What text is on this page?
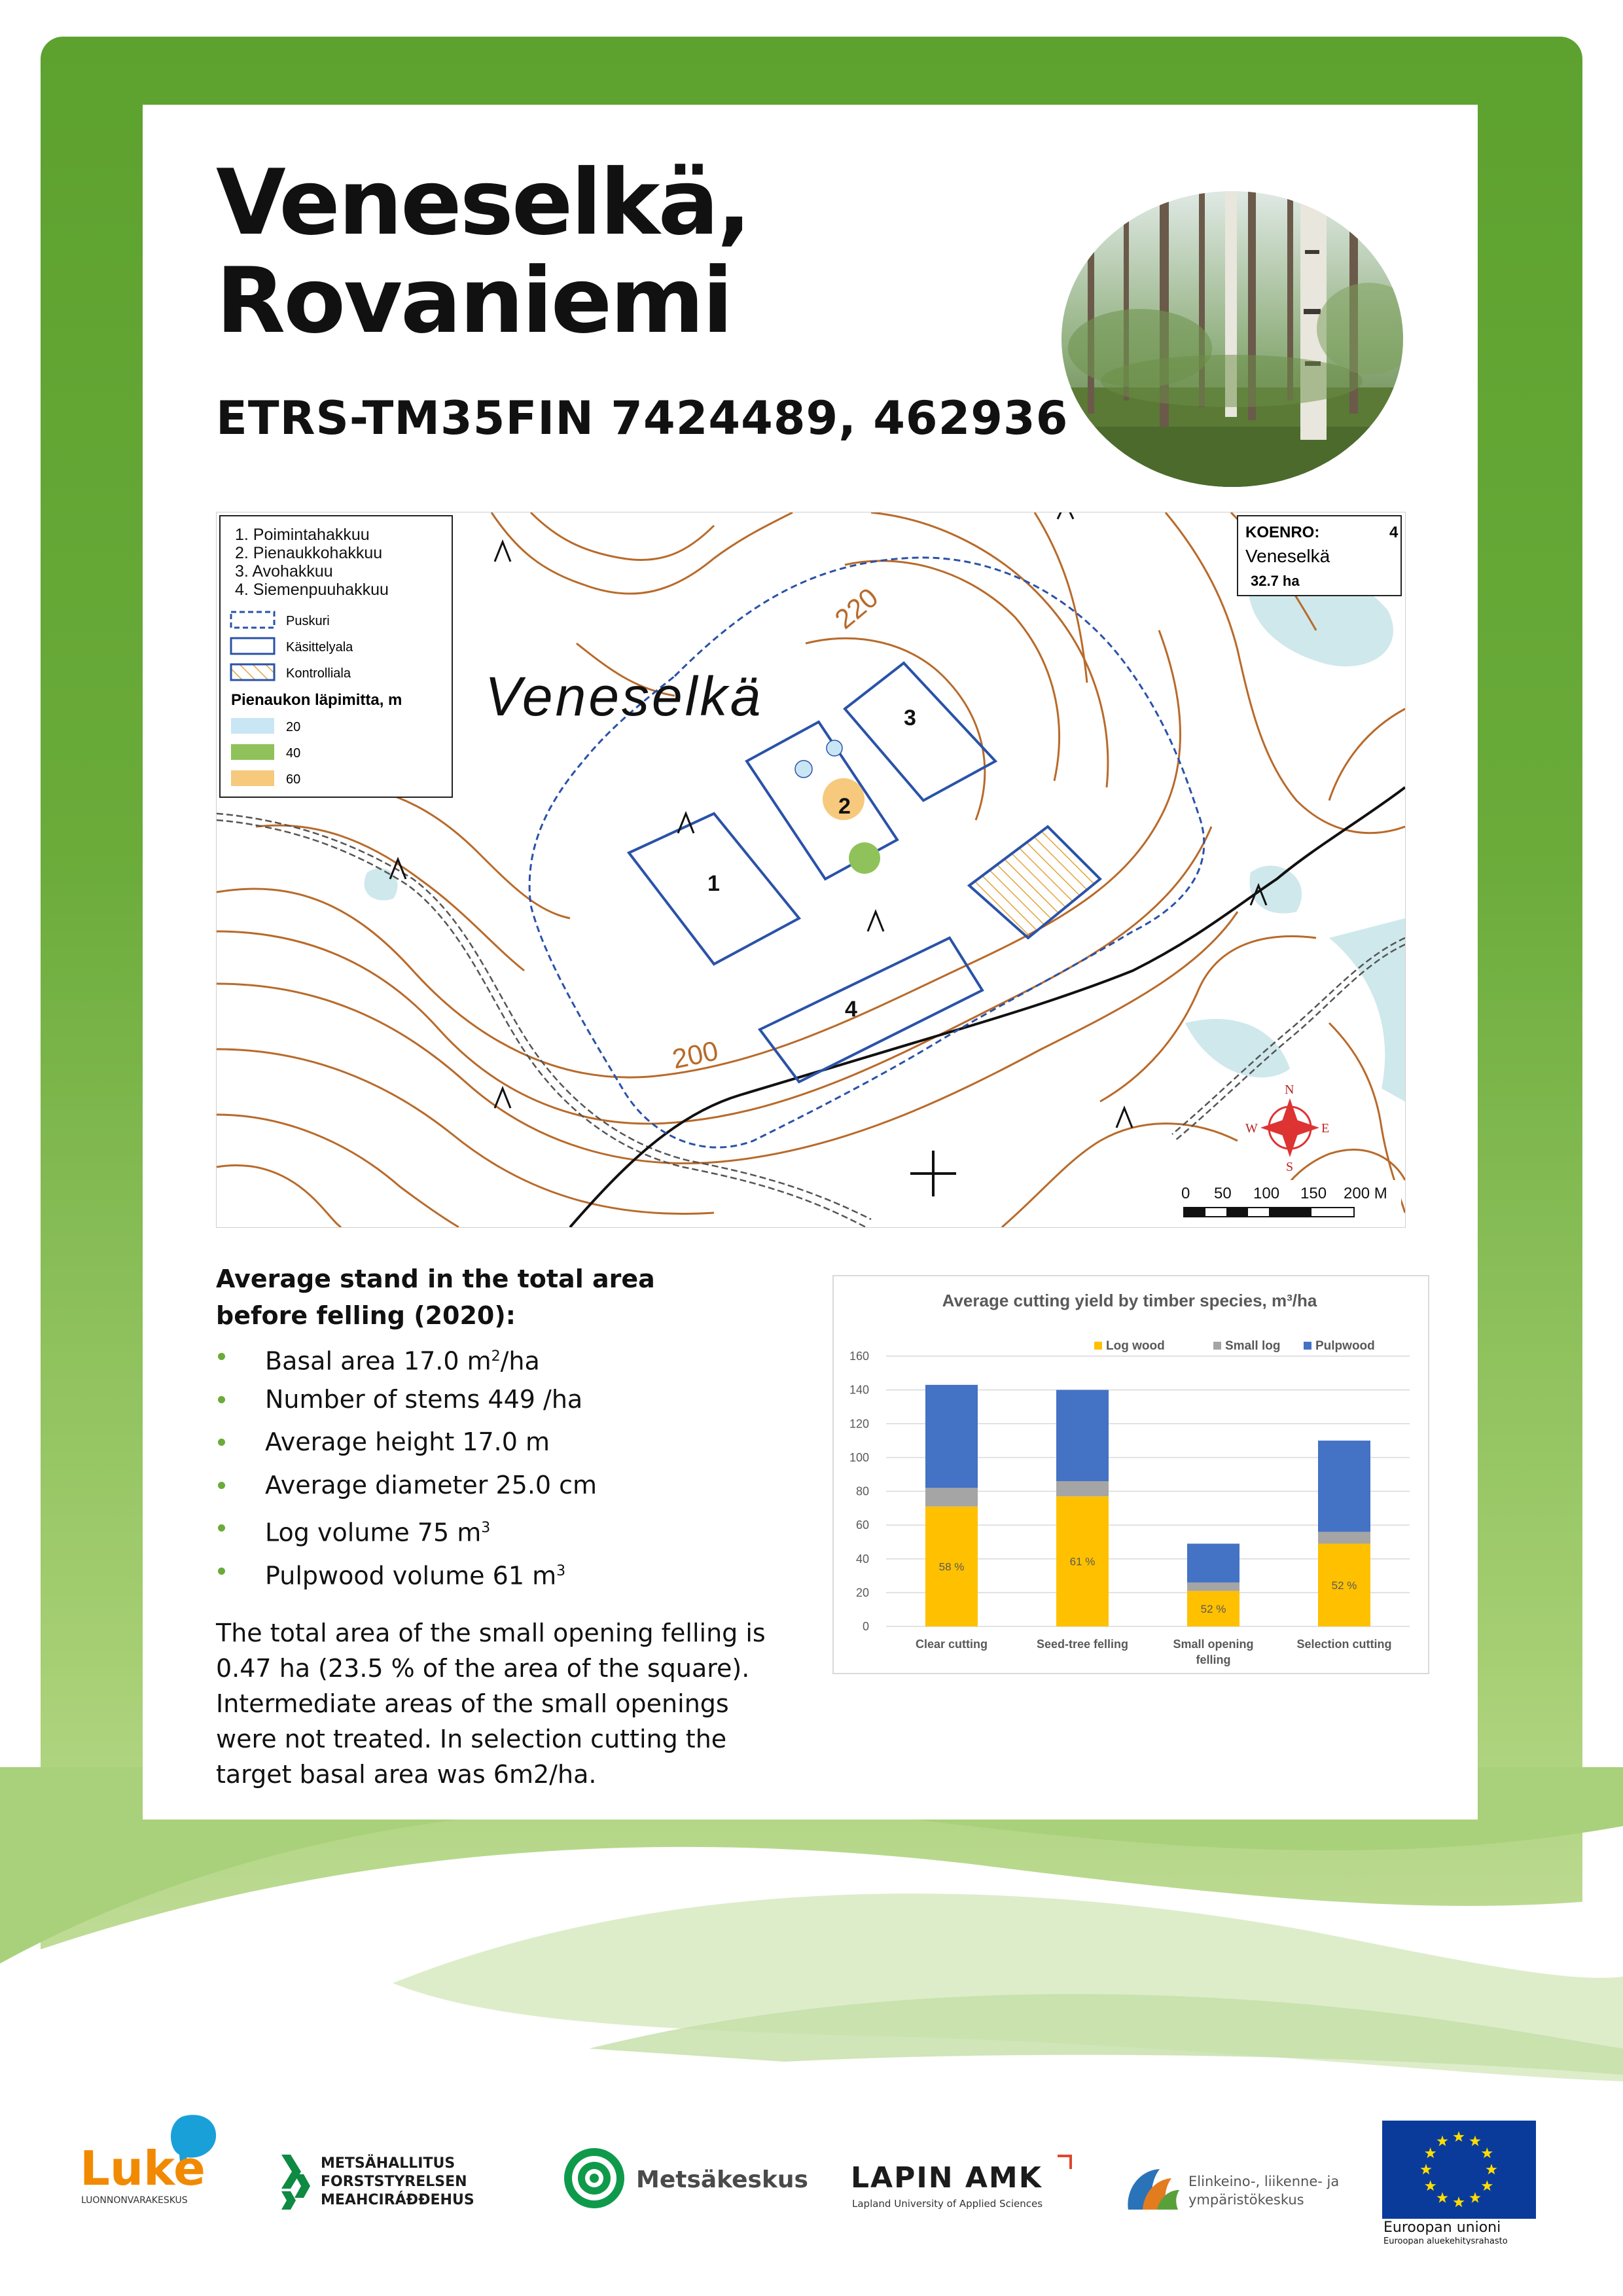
Veneselkä,
Rovaniemi
ETRS-TM35FIN 7424489, 462936
220
200
1
2
3
4
Veneselkä
1. Poimintahakkuu
2. Pienaukkohakkuu
3. Avohakkuu
4. Siemenpuuhakkuu
Puskuri
Käsittelyala
Kontrolliala
Pienaukon läpimitta, m
20
40
60
KOENRO:	4
Veneselkä
32.7 ha
N
E
S
W
0 50 100 150 200 M
Average stand in the total area before felling (2020):
Basal area 17.0 $m^2/ha$
Number of stems 449 /ha
Average height 17.0 m
Average diameter 25.0 cm
Log volume 75 $m^3$
Pulpwood volume 61 $m^3$

The total area of the small opening felling is 0.47 ha (23.5 % of the area of the square). Intermediate areas of the small openings were not treated. In selection cutting the target basal area was 6m2/ha.

Average cutting yield by timber species, m³/ha
0
20
40
60
80
100
120
140
160
58 %
Clear cutting
61 %
Seed-tree felling
52 %
Small opening
felling
52 %
Selection cutting
Log wood	Small log	Pulpwood
Luke
LUONNONVARAKESKUS
METSÄHALLITUS
FORSTSTYRELSEN
MEAHCIRÁÐÐEHUS
Metsäkeskus LAPIN AMK
Lapland University of Applied Sciences
Elinkeino-, liikenne- ja
ympäristökeskus
Euroopan unioni
Euroopan aluekehitysrahasto
